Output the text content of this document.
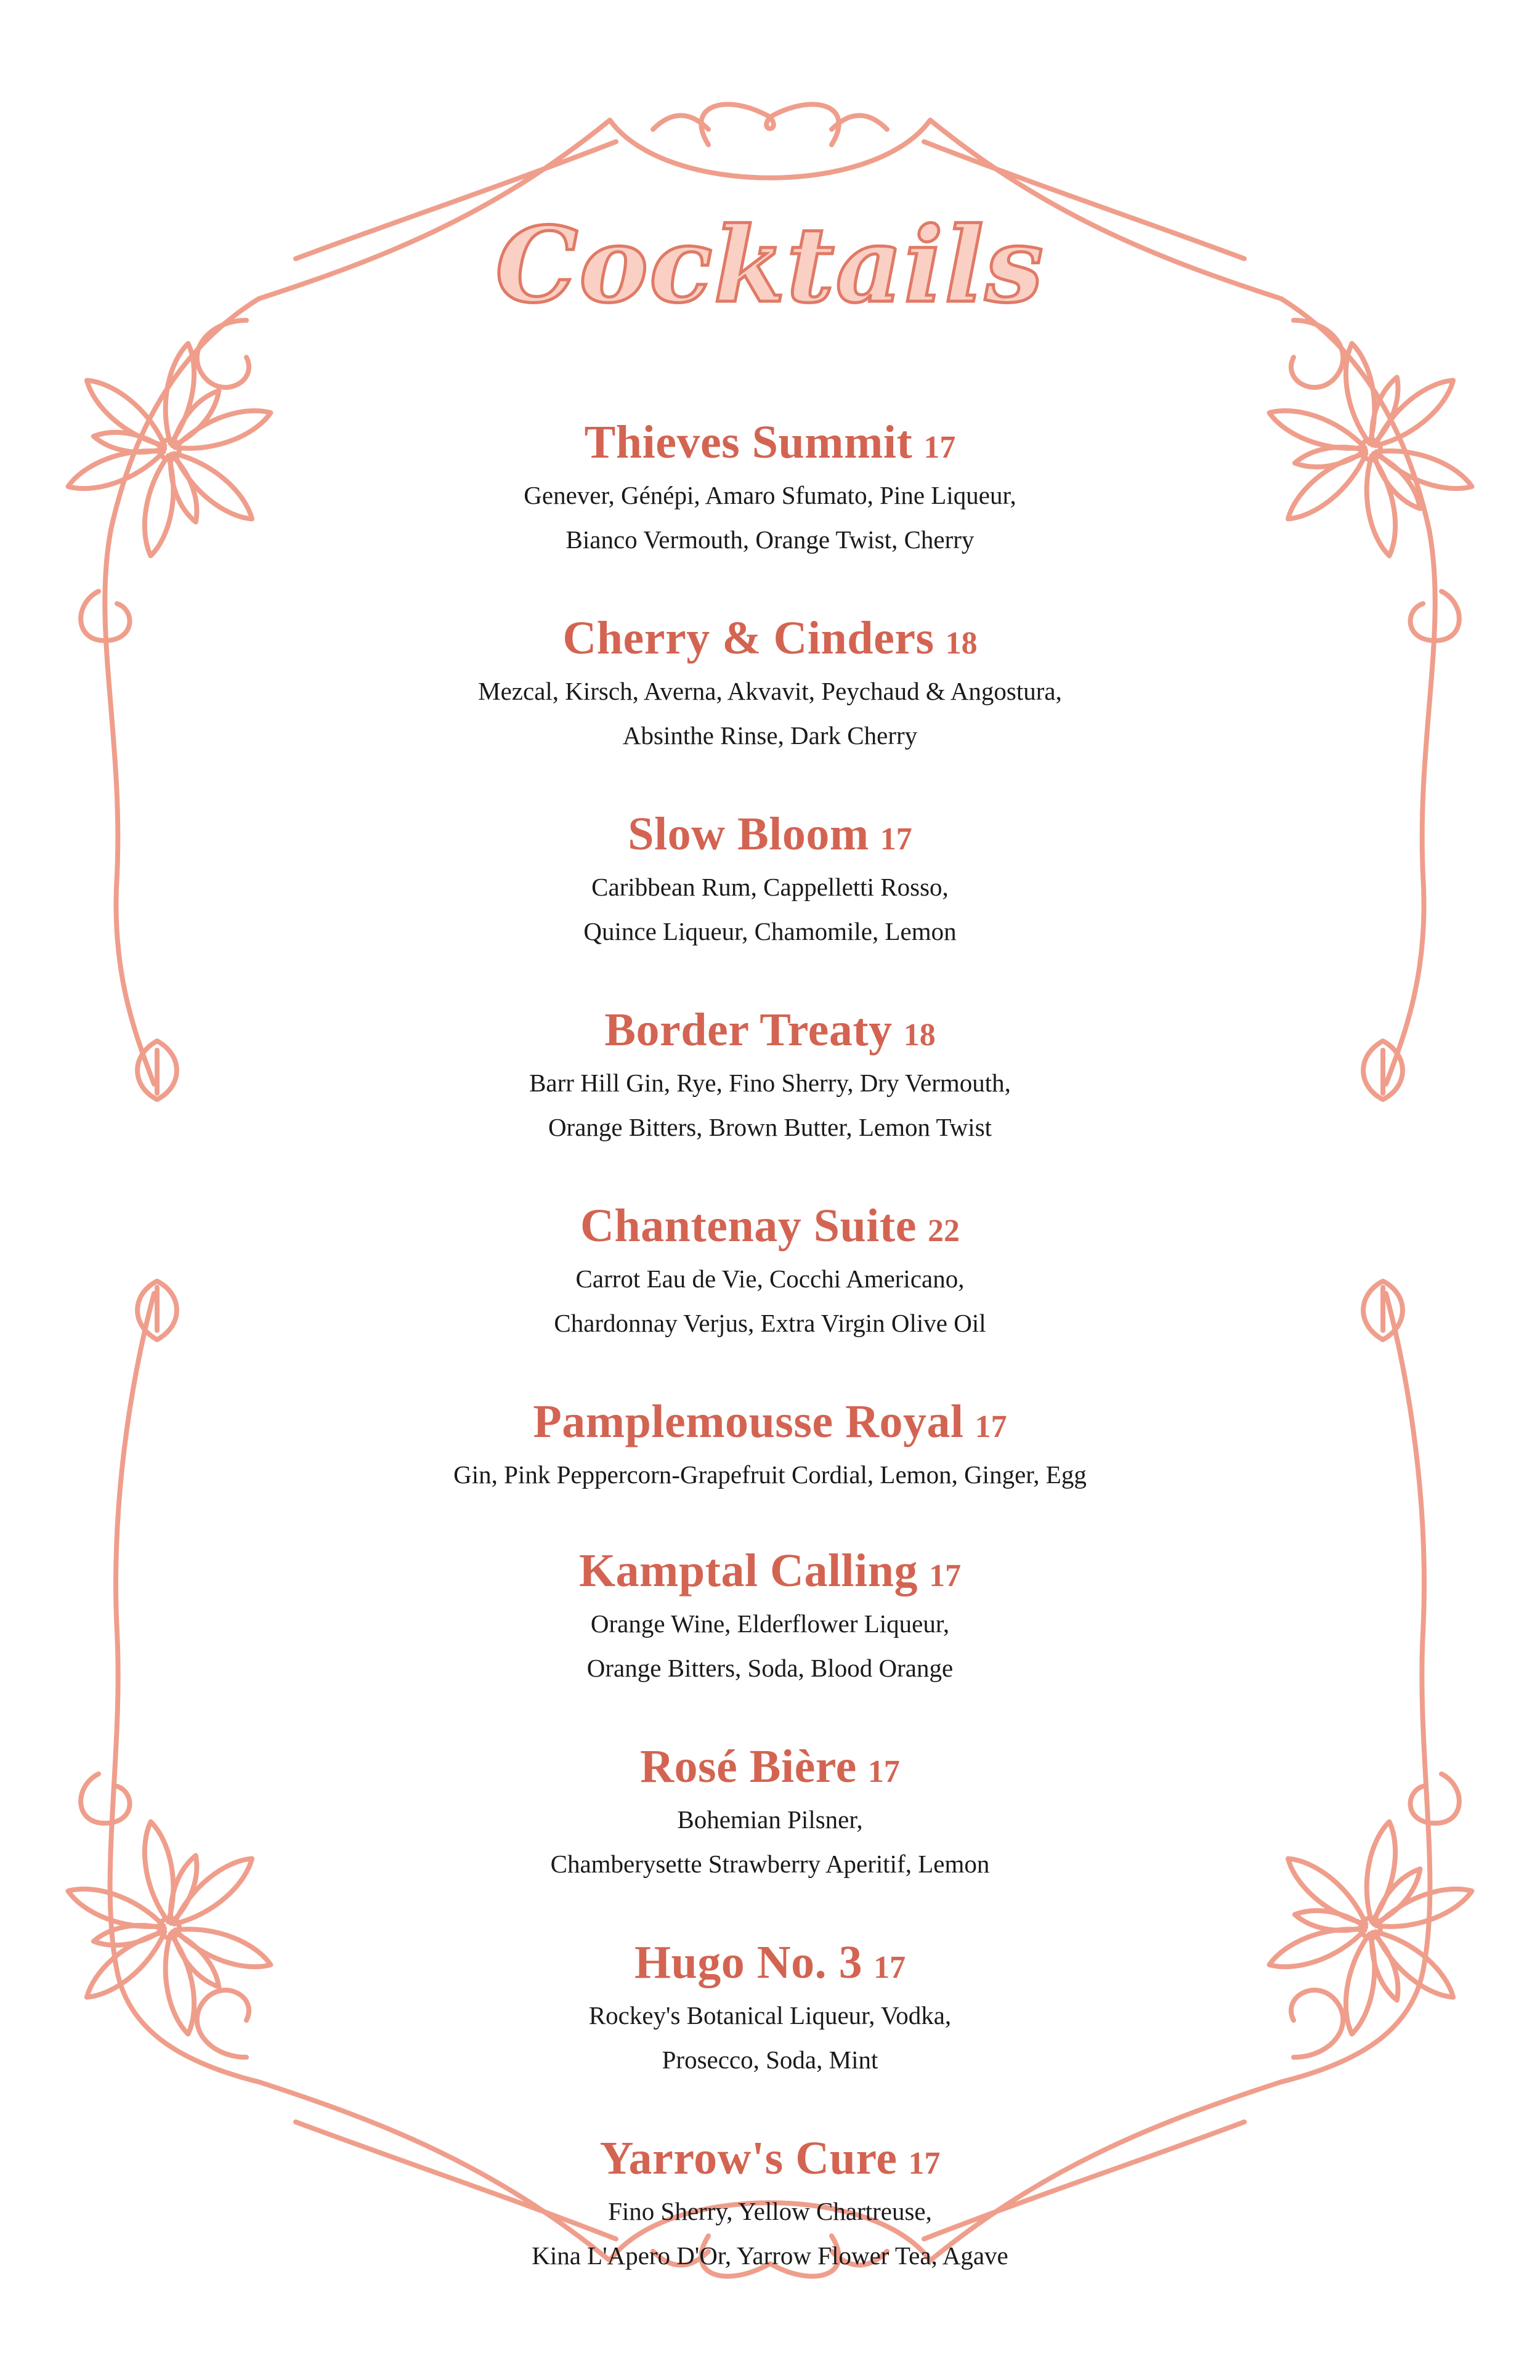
Cocktails
Thieves Summit 17
Genever, Génépi, Amaro Sfumato, Pine Liqueur,
Bianco Vermouth, Orange Twist, Cherry
Cherry & Cinders 18
Mezcal, Kirsch, Averna, Akvavit, Peychaud & Angostura,
Absinthe Rinse, Dark Cherry
Slow Bloom 17
Caribbean Rum, Cappelletti Rosso,
Quince Liqueur, Chamomile, Lemon
Border Treaty 18
Barr Hill Gin, Rye, Fino Sherry, Dry Vermouth,
Orange Bitters, Brown Butter, Lemon Twist
Chantenay Suite 22
Carrot Eau de Vie, Cocchi Americano,
Chardonnay Verjus, Extra Virgin Olive Oil
Pamplemousse Royal 17
Gin, Pink Peppercorn-Grapefruit Cordial, Lemon, Ginger, Egg
Kamptal Calling 17
Orange Wine, Elderflower Liqueur,
Orange Bitters, Soda, Blood Orange
Rosé Bière 17
Bohemian Pilsner,
Chamberysette Strawberry Aperitif, Lemon
Hugo No. 3 17
Rockey's Botanical Liqueur, Vodka,
Prosecco, Soda, Mint
Yarrow's Cure 17
Fino Sherry, Yellow Chartreuse,
Kina L'Apero D'Or, Yarrow Flower Tea, Agave
